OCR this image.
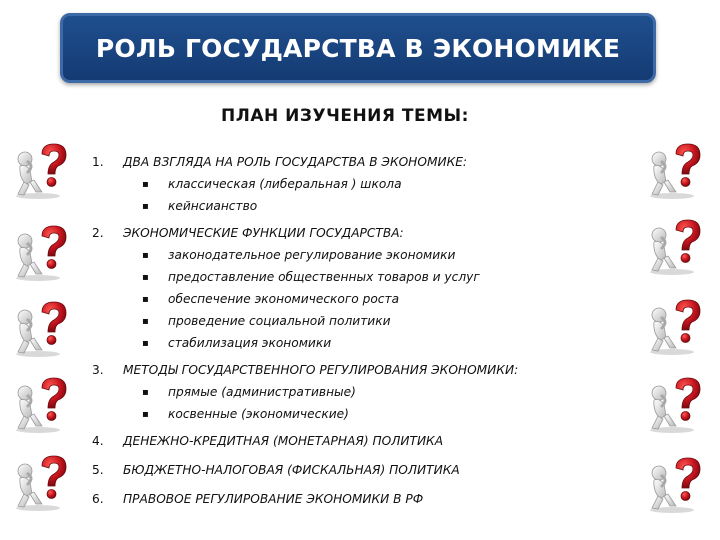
РОЛЬ ГОСУДАРСТВА В ЭКОНОМИКЕ
ПЛАН ИЗУЧЕНИЯ ТЕМЫ:
1.	ДВА ВЗГЛЯДА НА РОЛЬ ГОСУДАРСТВА В ЭКОНОМИКЕ:
▪	классическая (либеральная ) школа
▪	кейнсианство
2.	ЭКОНОМИЧЕСКИЕ ФУНКЦИИ ГОСУДАРСТВА:
▪	законодательное регулирование экономики
▪	предоставление общественных товаров и услуг
▪	обеспечение экономического роста
▪	проведение социальной политики
▪	стабилизация экономики
3.	МЕТОДЫ ГОСУДАРСТВЕННОГО РЕГУЛИРОВАНИЯ ЭКОНОМИКИ:
▪	прямые (административные)
▪	косвенные (экономические)
4.	ДЕНЕЖНО-КРЕДИТНАЯ (МОНЕТАРНАЯ) ПОЛИТИКА
5.	БЮДЖЕТНО-НАЛОГОВАЯ (ФИСКАЛЬНАЯ) ПОЛИТИКА
6.	ПРАВОВОЕ РЕГУЛИРОВАНИЕ ЭКОНОМИКИ В РФ
